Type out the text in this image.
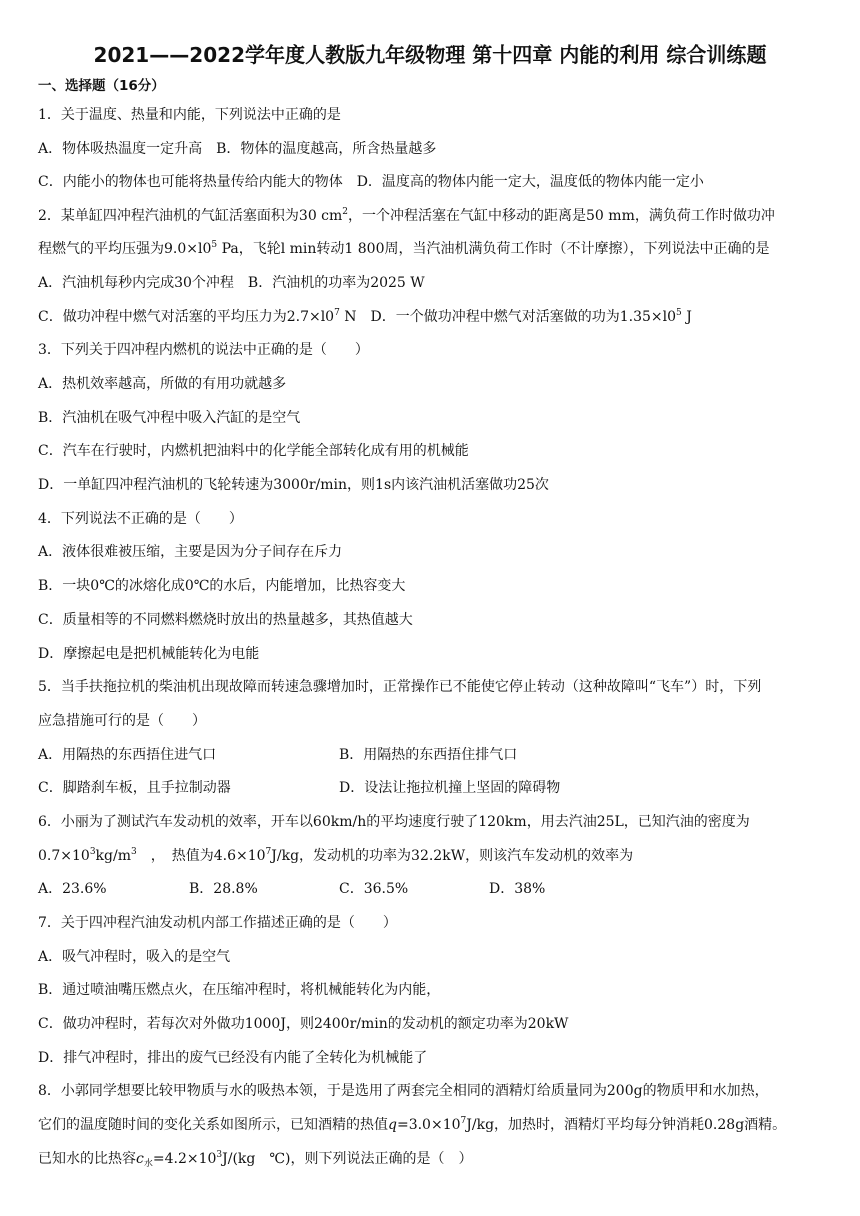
2021——2022学年度人教版九年级物理 第十四章 内能的利用 综合训练题
一、选择题（16分）
1．关于温度、热量和内能，下列说法中正确的是
A．物体吸热温度一定升高　B．物体的温度越高，所含热量越多
C．内能小的物体也可能将热量传给内能大的物体　D．温度高的物体内能一定大，温度低的物体内能一定小
2．某单缸四冲程汽油机的气缸活塞面积为30 $cm^2$，一个冲程活塞在气缸中移动的距离是50 mm，满负荷工作时做功冲
程燃气的平均压强为$9.0\times l0^5$ Pa，飞轮l min转动1 800周，当汽油机满负荷工作时（不计摩擦），下列说法中正确的是
A．汽油机每秒内完成30个冲程　B．汽油机的功率为2025 W
C．做功冲程中燃气对活塞的平均压力为$2.7\times l0^7$ N　D．一个做功冲程中燃气对活塞做的功为$1.35\times l0^5$ J
3．下列关于四冲程内燃机的说法中正确的是（　　）
A．热机效率越高，所做的有用功就越多
B．汽油机在吸气冲程中吸入汽缸的是空气
C．汽车在行驶时，内燃机把油料中的化学能全部转化成有用的机械能
D．一单缸四冲程汽油机的飞轮转速为3000r/min，则1s内该汽油机活塞做功25次
4．下列说法不正确的是（　　）
A．液体很难被压缩，主要是因为分子间存在斥力
B．一块0℃的冰熔化成0℃的水后，内能增加，比热容变大
C．质量相等的不同燃料燃烧时放出的热量越多，其热值越大
D．摩擦起电是把机械能转化为电能
5．当手扶拖拉机的柴油机出现故障而转速急骤增加时，正常操作已不能使它停止转动（这种故障叫“飞车”）时，下列
应急措施可行的是（　　）
A．用隔热的东西捂住进气口	B．用隔热的东西捂住排气口
C．脚踏刹车板，且手拉制动器	D．设法让拖拉机撞上坚固的障碍物
6．小丽为了测试汽车发动机的效率，开车以60km/h的平均速度行驶了120km，用去汽油25L，已知汽油的密度为
$0.7\times 10^3kg/m^3$　，　热值为$4.6\times 10^7J/kg$，发动机的功率为32.2kW，则该汽车发动机的效率为
A．23.6%	B．28.8%	C．36.5%	D．38%
7．关于四冲程汽油发动机内部工作描述正确的是（　　）
A．吸气冲程时，吸入的是空气
B．通过喷油嘴压燃点火，在压缩冲程时，将机械能转化为内能，
C．做功冲程时，若每次对外做功1000J，则2400r/min的发动机的额定功率为20kW
D．排气冲程时，排出的废气已经没有内能了全转化为机械能了
8．小郭同学想要比较甲物质与水的吸热本领，于是选用了两套完全相同的酒精灯给质量同为200g的物质甲和水加热，
它们的温度随时间的变化关系如图所示，已知酒精的热值$q=3.0\times 10^7J/kg$，加热时，酒精灯平均每分钟消耗0.28g酒精。
已知水的比热容$c_水=4.2\times 10^3J/(kg$　℃)，则下列说法正确的是（　）
